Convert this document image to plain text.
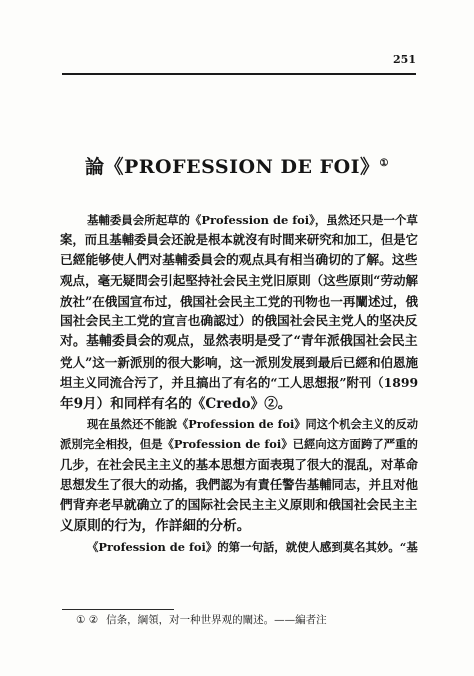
251
論《PROFESSION DE FOI》①

基輔委員会所起草的《Profession de foi》，虽然还只是一个草
案，而且基輔委員会还說是根本就沒有时間来研究和加工，但是它
已經能够使人們对基輔委員会的观点具有相当确切的了解。这些
观点，毫无疑問会引起堅持社会民主党旧原則（这些原則“劳动解
放社”在俄国宣布过，俄国社会民主工党的刊物也一再闡述过，俄
国社会民主工党的宣言也确認过）的俄国社会民主党人的坚决反
对。基輔委員会的观点，显然表明是受了“青年派俄国社会民主
党人”这一新派別的很大影响，这一派別发展到最后已經和伯恩施
坦主义同流合污了，并且搞出了有名的“工人思想报”附刊（1899
年9月）和同样有名的《Credo》②。

现在虽然还不能說《Profession de foi》同这个机会主义的反动
派別完全相投，但是《Profession de foi》已經向这方面跨了严重的
几步，在社会民主主义的基本思想方面表現了很大的混乱，对革命
思想发生了很大的动搖，我們認为有責任警告基輔同志，并且对他
們背弃老早就确立了的国际社会民主主义原則和俄国社会民主主
义原則的行为，作詳細的分析。

《Profession de foi》的第一句話，就使人感到莫名其妙。“基

① ② 信条，綱領，对一种世界观的闡述。——編者注
